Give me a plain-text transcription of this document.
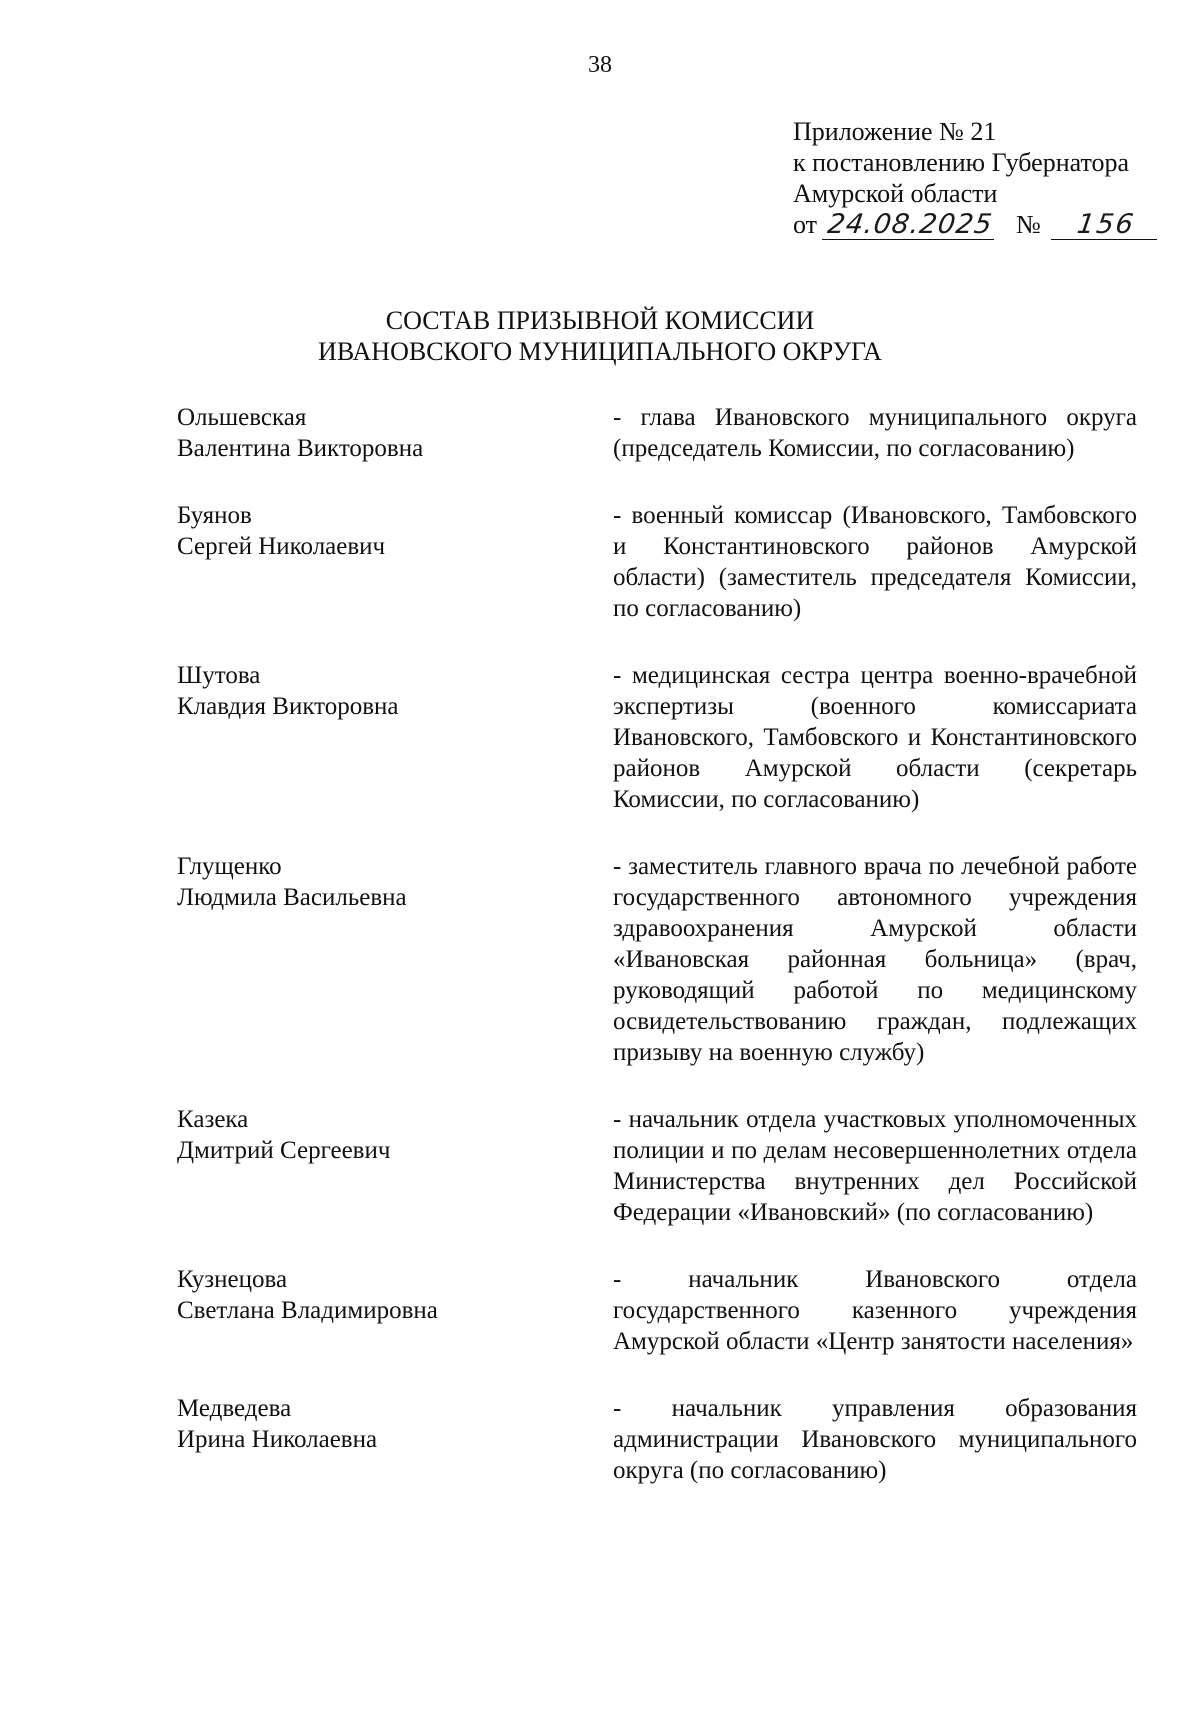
38
Приложение № 21
к постановлению Губернатора
Амурской области
от 24.08.2025 № 156
СОСТАВ ПРИЗЫВНОЙ КОМИССИИ
ИВАНОВСКОГО МУНИЦИПАЛЬНОГО ОКРУГА
Ольшевская
Валентина Викторовна
- глава Ивановского муниципального округа (председатель Комиссии, по согласованию)
Буянов
Сергей Николаевич
- военный комиссар (Ивановского, Тамбовского и Константиновского районов Амурской области) (заместитель председателя Комиссии, по согласованию)
Шутова
Клавдия Викторовна
- медицинская сестра центра военно-врачебной экспертизы (военного комиссариата Ивановского, Тамбовского и Константиновского районов Амурской области (секретарь Комиссии, по согласованию)
Глущенко
Людмила Васильевна
- заместитель главного врача по лечебной работе государственного автономного учреждения здравоохранения Амурской области «Ивановская районная больница» (врач, руководящий работой по медицинскому освидетельствованию граждан, подлежащих призыву на военную службу)
Казека
Дмитрий Сергеевич
- начальник отдела участковых уполномоченных полиции и по делам несовершеннолетних отдела Министерства внутренних дел Российской Федерации «Ивановский» (по согласованию)
Кузнецова
Светлана Владимировна
- начальник Ивановского отдела государственного казенного учреждения Амурской области «Центр занятости населения»
Медведева
Ирина Николаевна
- начальник управления образования администрации Ивановского муниципального округа (по согласованию)
